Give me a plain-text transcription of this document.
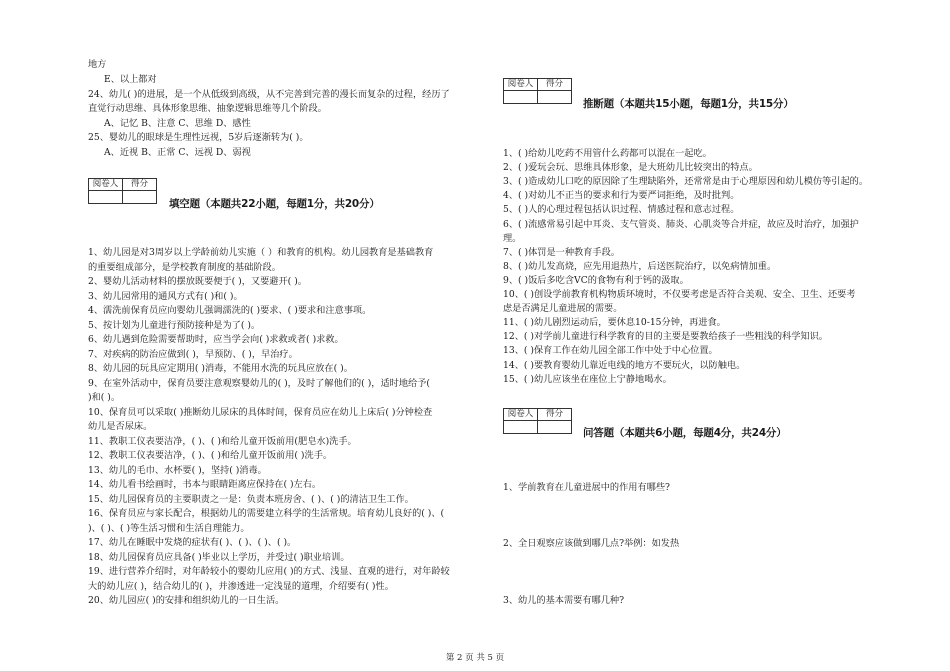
地方
E、以上都对
24、幼儿( )的进展，是一个从低级到高级，从不完善到完善的漫长而复杂的过程，经历了
直觉行动思维、具体形象思维、抽象逻辑思维等几个阶段。
A、记忆 B、注意 C、思维 D、感性
25、婴幼儿的眼球是生理性远视，5岁后逐渐转为( )。
A、近视 B、正常 C、远视 D、弱视
阅卷人	得分

填空题（本题共22小题，每题1分，共20分）
1、幼儿园是对3周岁以上学龄前幼儿实施（ ）和教育的机构。幼儿园教育是基础教育
的重要组成部分，是学校教育制度的基础阶段。
2、婴幼儿活动材料的摆放既要便于( )，又要避开( )。
3、幼儿园常用的通风方式有( )和( )。
4、濡洗前保育员应向婴幼儿强调濡洗的( )要求、( )要求和注意事项。
5、按计划为儿童进行预防接种是为了( )。
6、幼儿遇到危险需要帮助时，应当学会向( )求救或者( )求救。
7、对疾病的防治应做到( )，早预防、( )，早治疗。
8、幼儿园的玩具应定期用( )消毒，不能用水洗的玩具应放在( )。
9、在室外活动中，保育员要注意观察婴幼儿的( )，及时了解他们的( )，适时地给予(
)和( )。
10、保育员可以采取( )推断幼儿尿床的具体时间，保育员应在幼儿上床后( )分钟检查
幼儿是否尿床。
11、教职工仪表要洁净，( )、( )和给儿童开饭前用(肥皂水)洗手。
12、教职工仪表要洁净，( )、( )和给儿童开饭前用( )洗手。
13、幼儿的毛巾、水杯要( )，坚持( )消毒。
14、幼儿看书绘画时，书本与眼睛距离应保持在( )左右。
15、幼儿园保育员的主要职责之一是：负责本班房舍、( )、( )的清洁卫生工作。
16、保育员应与家长配合，根据幼儿的需要建立科学的生活常规。培育幼儿良好的( )、(
)、( )、( )等生活习惯和生活自理能力。
17、幼儿在睡眠中发烧的症状有( )、( )、( )、( )。
18、幼儿园保育员应具备( )毕业以上学历，并受过( )职业培训。
19、进行营养介绍时，对年龄较小的婴幼儿应用( )的方式、浅显、直观的进行，对年龄较
大的幼儿应( )，结合幼儿的( )，并渗透进一定浅显的道理，介绍要有( )性。
20、幼儿园应( )的安排和组织幼儿的一日生活。
阅卷人	得分

推断题（本题共15小题，每题1分，共15分）
1、( )给幼儿吃药不用管什么药都可以混在一起吃。
2、( )爱玩会玩、思维具体形象，是大班幼儿比较突出的特点。
3、( )造成幼儿口吃的原因除了生理缺陷外，还常常是由于心理原因和幼儿模仿等引起的。
4、( )对幼儿不正当的要求和行为要严词拒绝，及时批判。
5、( )人的心理过程包括认识过程、情感过程和意志过程。
6、( )流感常易引起中耳炎、支气管炎、肺炎、心肌炎等合并症，故应及时治疗，加强护
理。
7、( )体罚是一种教育手段。
8、( )幼儿发高烧，应先用退热片，后送医院治疗，以免病情加重。
9、( )饭后多吃含VC的食物有利于钙的汲取。
10、( )创设学前教育机构物质环境时，不仅要考虑是否符合美观、安全、卫生、还要考
虑是否满足儿童进展的需要。
11、( )幼儿剧烈运动后，要休息10-15分钟，再进食。
12、( )对学前儿童进行科学教育的目的主要是要教给孩子一些粗浅的科学知识。
13、( )保育工作在幼儿园全部工作中处于中心位置。
14、( )要教育婴幼儿靠近电线的地方不要玩火，以防触电。
15、( )幼儿应该坐在座位上宁静地喝水。
阅卷人	得分

问答题（本题共6小题，每题4分，共24分）
1、学前教育在儿童进展中的作用有哪些?
2、全日观察应该做到哪几点?举例：如发热
3、幼儿的基本需要有哪几种?
第 2 页 共 5 页
